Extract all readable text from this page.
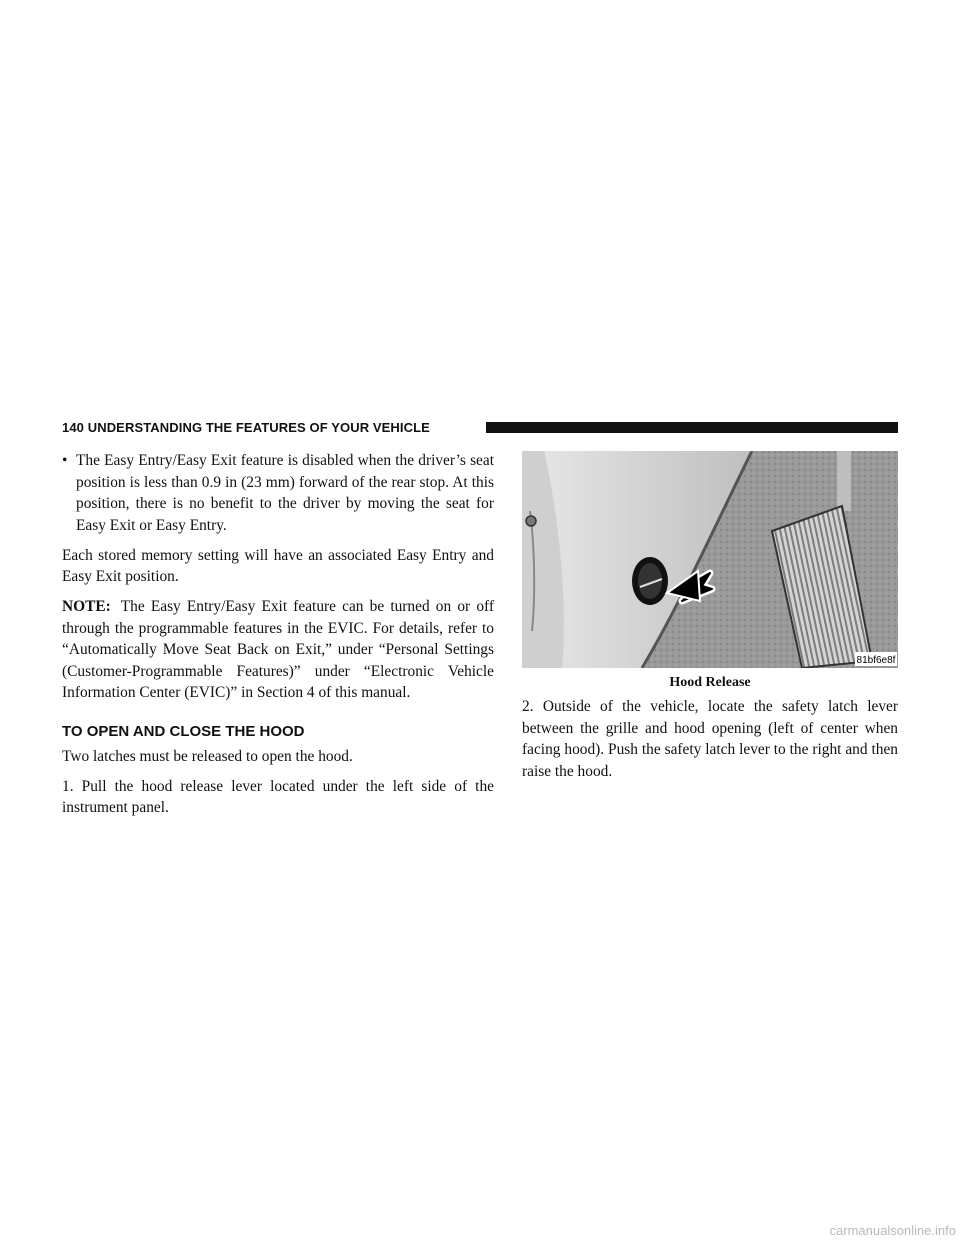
140 UNDERSTANDING THE FEATURES OF YOUR VEHICLE
• The Easy Entry/Easy Exit feature is disabled when the driver’s seat position is less than 0.9 in (23 mm) forward of the rear stop. At this position, there is no benefit to the driver by moving the seat for Easy Exit or Easy Entry.

Each stored memory setting will have an associated Easy Entry and Easy Exit position.

NOTE: The Easy Entry/Easy Exit feature can be turned on or off through the programmable features in the EVIC. For details, refer to “Automatically Move Seat Back on Exit,” under “Personal Settings (Customer-Programmable Features)” under “Electronic Vehicle Information Center (EVIC)” in Section 4 of this manual.

TO OPEN AND CLOSE THE HOOD

Two latches must be released to open the hood.

1. Pull the hood release lever located under the left side of the instrument panel.

81bf6e8f
Hood Release

2. Outside of the vehicle, locate the safety latch lever between the grille and hood opening (left of center when facing hood). Push the safety latch lever to the right and then raise the hood.

carmanualsonline.info
